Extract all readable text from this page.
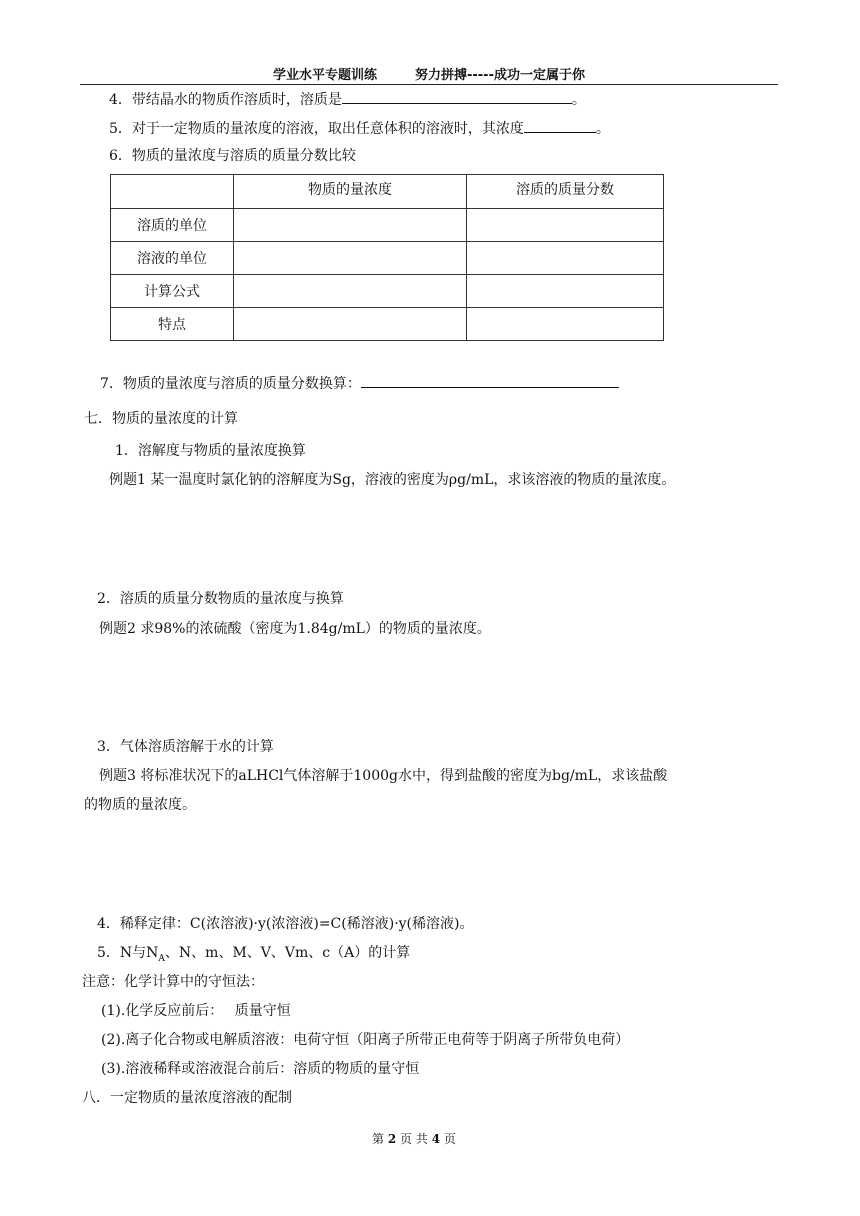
学业水平专题训练	努力拼搏-----成功一定属于你
4．带结晶水的物质作溶质时，溶质是	。
5．对于一定物质的量浓度的溶液，取出任意体积的溶液时，其浓度	。
6．物质的量浓度与溶质的质量分数比较
	物质的量浓度	溶质的质量分数
溶质的单位		
溶液的单位		
计算公式		
特点		
7．物质的量浓度与溶质的质量分数换算：
七．物质的量浓度的计算
1．溶解度与物质的量浓度换算
例题1 某一温度时氯化钠的溶解度为Sg，溶液的密度为ρg/mL，求该溶液的物质的量浓度。
2．溶质的质量分数物质的量浓度与换算
例题2 求98%的浓硫酸（密度为1.84g/mL）的物质的量浓度。
3．气体溶质溶解于水的计算
例题3 将标准状况下的aLHCl气体溶解于1000g水中，得到盐酸的密度为bg/mL，求该盐酸
的物质的量浓度。
4．稀释定律：C(浓溶液)·y(浓溶液)=C(稀溶液)·y(稀溶液)。
5．N与$N_A$、N、m、M、V、Vm、c（A）的计算
注意：化学计算中的守恒法：
(1).化学反应前后：　 质量守恒
(2).离子化合物或电解质溶液：电荷守恒（阳离子所带正电荷等于阴离子所带负电荷）
(3).溶液稀释或溶液混合前后：溶质的物质的量守恒
八．一定物质的量浓度溶液的配制
第 2 页 共 4 页
